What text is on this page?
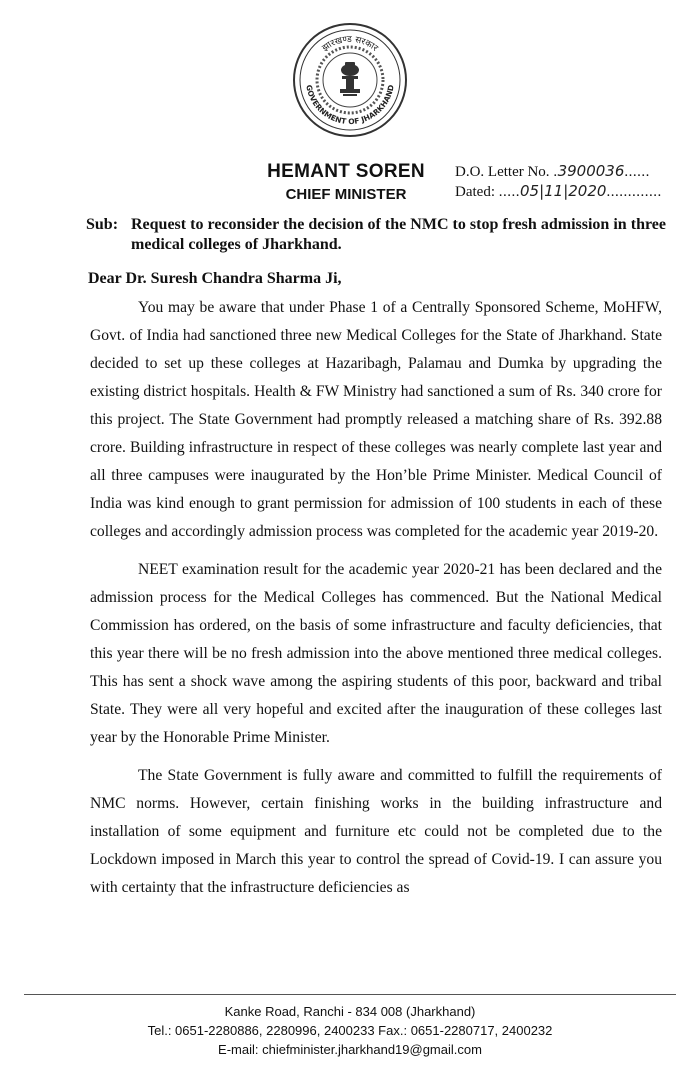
झारखण्ड सरकार
GOVERNMENT OF JHARKHAND
HEMANT SOREN
CHIEF MINISTER
D.O. Letter No. .3900036......
Dated: .....05|11|2020.............
Sub: Request to reconsider the decision of the NMC to stop fresh admission in three medical colleges of Jharkhand.
Dear Dr. Suresh Chandra Sharma Ji,

You may be aware that under Phase 1 of a Centrally Sponsored Scheme, MoHFW, Govt. of India had sanctioned three new Medical Colleges for the State of Jharkhand. State decided to set up these colleges at Hazaribagh, Palamau and Dumka by upgrading the existing district hospitals. Health & FW Ministry had sanctioned a sum of Rs. 340 crore for this project. The State Government had promptly released a matching share of Rs. 392.88 crore. Building infrastructure in respect of these colleges was nearly complete last year and all three campuses were inaugurated by the Hon’ble Prime Minister. Medical Council of India was kind enough to grant permission for admission of 100 students in each of these colleges and accordingly admission process was completed for the academic year 2019-20.

NEET examination result for the academic year 2020-21 has been declared and the admission process for the Medical Colleges has commenced. But the National Medical Commission has ordered, on the basis of some infrastructure and faculty deficiencies, that this year there will be no fresh admission into the above mentioned three medical colleges. This has sent a shock wave among the aspiring students of this poor, backward and tribal State. They were all very hopeful and excited after the inauguration of these colleges last year by the Honorable Prime Minister.

The State Government is fully aware and committed to fulfill the requirements of NMC norms. However, certain finishing works in the building infrastructure and installation of some equipment and furniture etc could not be completed due to the Lockdown imposed in March this year to control the spread of Covid-19. I can assure you with certainty that the infrastructure deficiencies as

Kanke Road, Ranchi - 834 008 (Jharkhand)
Tel.: 0651-2280886, 2280996, 2400233 Fax.: 0651-2280717, 2400232
E-mail: chiefminister.jharkhand19@gmail.com
